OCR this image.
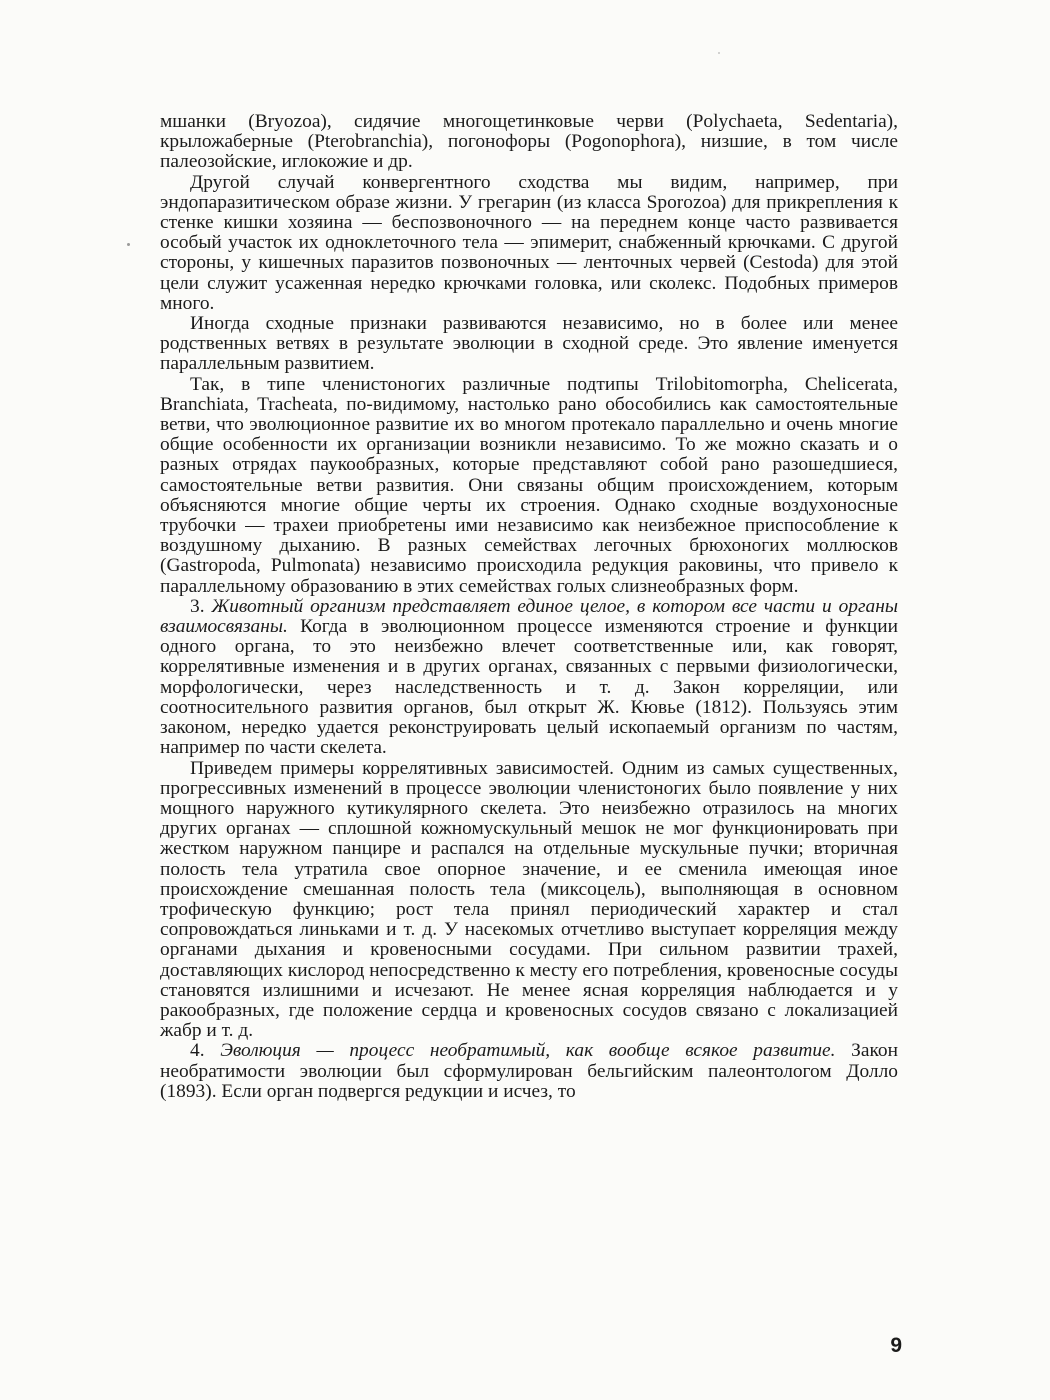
мшанки (Bryozoa), сидячие многощетинковые черви (Polychaeta, Sedentaria), крыложаберные (Pterobranchia), погонофоры (Pogonophora), низшие, в том числе палеозойские, иглокожие и др.

Другой случай конвергентного сходства мы видим, например, при эндопаразитическом образе жизни. У грегарин (из класса Sporozoa) для прикрепления к стенке кишки хозяина — беспозвоночного — на переднем конце часто развивается особый участок их одноклеточного тела — эпимерит, снабженный крючками. С другой стороны, у кишечных паразитов позвоночных — ленточных червей (Cestoda) для этой цели служит усаженная нередко крючками головка, или сколекс. Подобных примеров много.

Иногда сходные признаки развиваются независимо, но в более или менее родственных ветвях в результате эволюции в сходной среде. Это явление именуется параллельным развитием.

Так, в типе членистоногих различные подтипы Trilobitomorpha, Chelicerata, Branchiata, Tracheata, по-видимому, настолько рано обособились как самостоятельные ветви, что эволюционное развитие их во многом протекало параллельно и очень многие общие особенности их организации возникли независимо. То же можно сказать и о разных отрядах паукообразных, которые представляют собой рано разошедшиеся, самостоятельные ветви развития. Они связаны общим происхождением, которым объясняются многие общие черты их строения. Однако сходные воздухоносные трубочки — трахеи приобретены ими независимо как неизбежное приспособление к воздушному дыханию. В разных семействах легочных брюхоногих моллюсков (Gastropoda, Pulmonata) независимо происходила редукция раковины, что привело к параллельному образованию в этих семействах голых слизнеобразных форм.

3. Животный организм представляет единое целое, в котором все части и органы взаимосвязаны. Когда в эволюционном процессе изменяются строение и функции одного органа, то это неизбежно влечет соответственные или, как говорят, коррелятивные изменения и в других органах, связанных с первыми физиологически, морфологически, через наследственность и т. д. Закон корреляции, или соотносительного развития органов, был открыт Ж. Кювье (1812). Пользуясь этим законом, нередко удается реконструировать целый ископаемый организм по частям, например по части скелета.

Приведем примеры коррелятивных зависимостей. Одним из самых существенных, прогрессивных изменений в процессе эволюции членистоногих было появление у них мощного наружного кутикулярного скелета. Это неизбежно отразилось на многих других органах — сплошной кожномускульный мешок не мог функционировать при жестком наружном панцире и распался на отдельные мускульные пучки; вторичная полость тела утратила свое опорное значение, и ее сменила имеющая иное происхождение смешанная полость тела (миксоцель), выполняющая в основном трофическую функцию; рост тела принял периодический характер и стал сопровождаться линьками и т. д. У насекомых отчетливо выступает корреляция между органами дыхания и кровеносными сосудами. При сильном развитии трахей, доставляющих кислород непосредственно к месту его потребления, кровеносные сосуды становятся излишними и исчезают. Не менее ясная корреляция наблюдается и у ракообразных, где положение сердца и кровеносных сосудов связано с локализацией жабр и т. д.

4. Эволюция — процесс необратимый, как вообще всякое развитие. Закон необратимости эволюции был сформулирован бельгийским палеонтологом Долло (1893). Если орган подвергся редукции и исчез, то

9
